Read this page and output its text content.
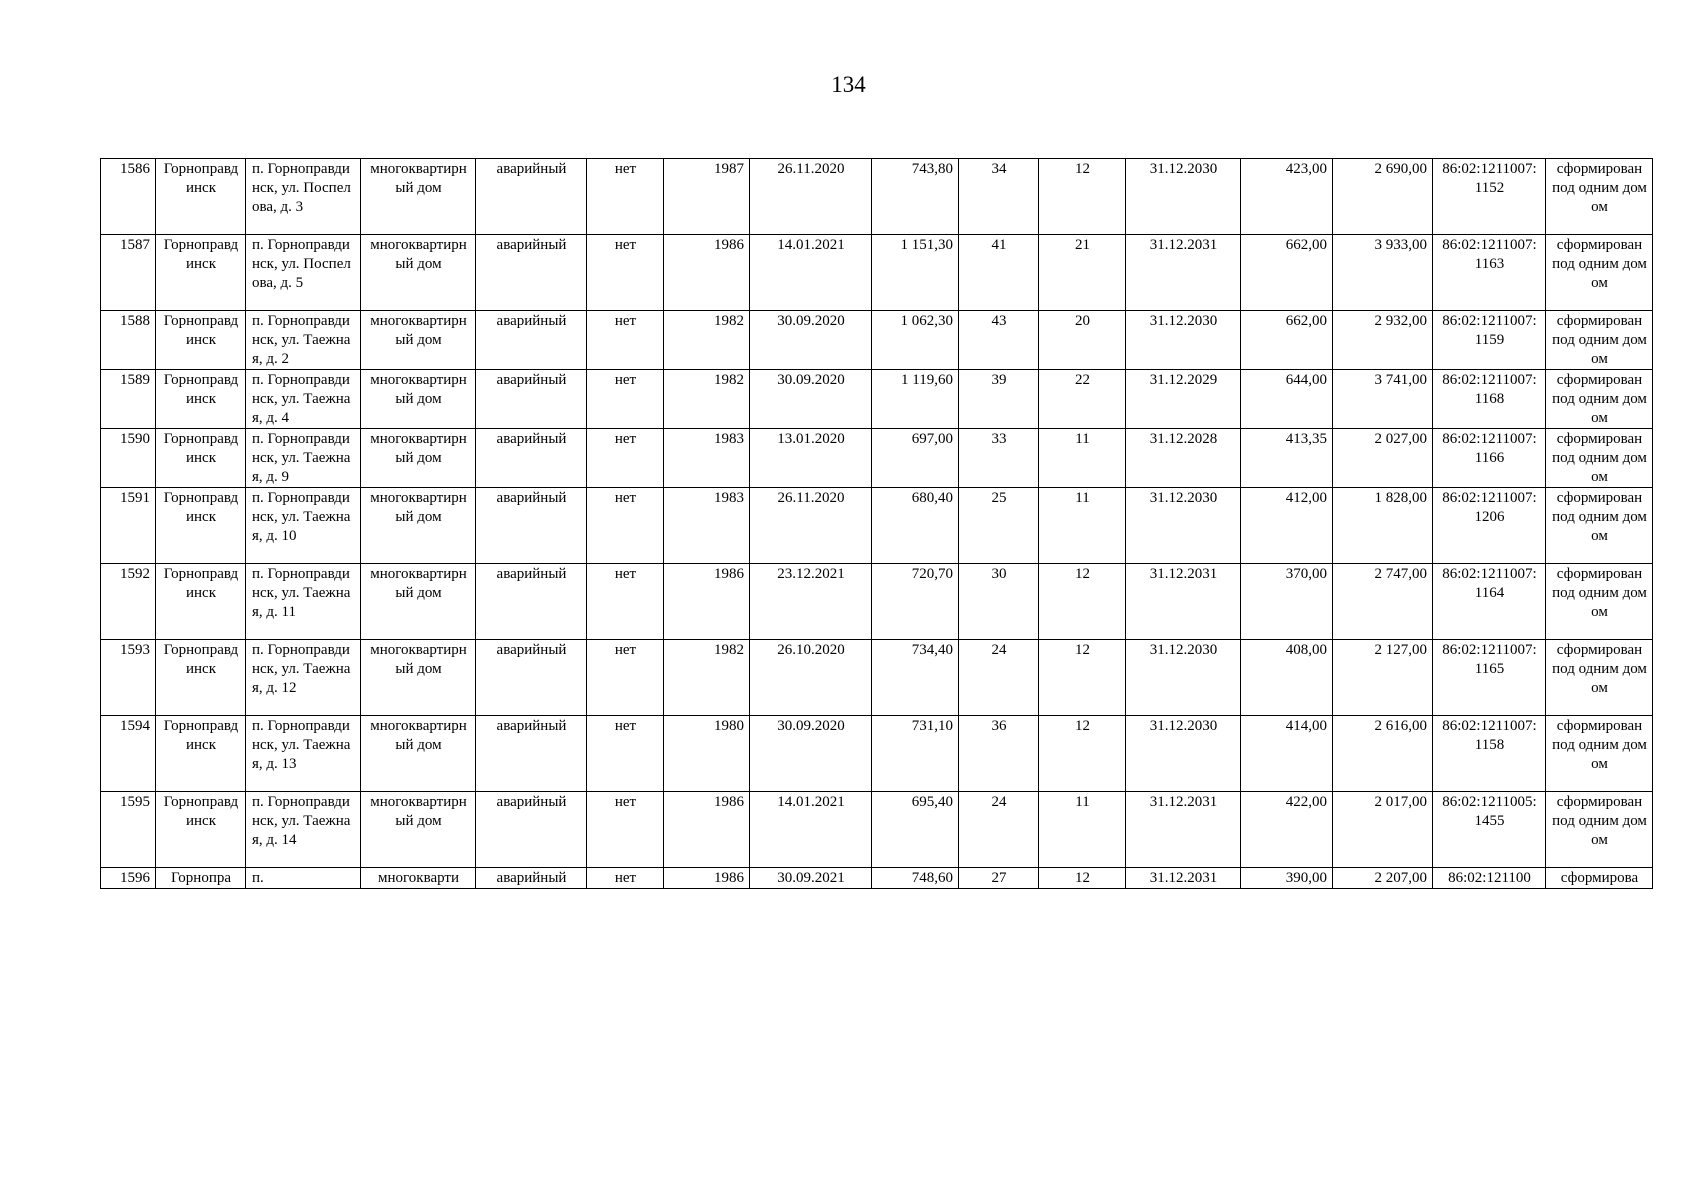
134
1586	Горноправдинск	п. Горноправдинск, ул. Поспелова, д. 3	многоквартирный дом	аварийный	нет	1987	26.11.2020	743,80	34	12	31.12.2030	423,00	2 690,00	86:02:1211007:1152	сформирован под одним домом
1587	Горноправдинск	п. Горноправдинск, ул. Поспелова, д. 5	многоквартирный дом	аварийный	нет	1986	14.01.2021	1 151,30	41	21	31.12.2031	662,00	3 933,00	86:02:1211007:1163	сформирован под одним домом
1588	Горноправдинск	п. Горноправдинск, ул. Таежная, д. 2	многоквартирный дом	аварийный	нет	1982	30.09.2020	1 062,30	43	20	31.12.2030	662,00	2 932,00	86:02:1211007:1159	сформирован под одним домом
1589	Горноправдинск	п. Горноправдинск, ул. Таежная, д. 4	многоквартирный дом	аварийный	нет	1982	30.09.2020	1 119,60	39	22	31.12.2029	644,00	3 741,00	86:02:1211007:1168	сформирован под одним домом
1590	Горноправдинск	п. Горноправдинск, ул. Таежная, д. 9	многоквартирный дом	аварийный	нет	1983	13.01.2020	697,00	33	11	31.12.2028	413,35	2 027,00	86:02:1211007:1166	сформирован под одним домом
1591	Горноправдинск	п. Горноправдинск, ул. Таежная, д. 10	многоквартирный дом	аварийный	нет	1983	26.11.2020	680,40	25	11	31.12.2030	412,00	1 828,00	86:02:1211007:1206	сформирован под одним домом
1592	Горноправдинск	п. Горноправдинск, ул. Таежная, д. 11	многоквартирный дом	аварийный	нет	1986	23.12.2021	720,70	30	12	31.12.2031	370,00	2 747,00	86:02:1211007:1164	сформирован под одним домом
1593	Горноправдинск	п. Горноправдинск, ул. Таежная, д. 12	многоквартирный дом	аварийный	нет	1982	26.10.2020	734,40	24	12	31.12.2030	408,00	2 127,00	86:02:1211007:1165	сформирован под одним домом
1594	Горноправдинск	п. Горноправдинск, ул. Таежная, д. 13	многоквартирный дом	аварийный	нет	1980	30.09.2020	731,10	36	12	31.12.2030	414,00	2 616,00	86:02:1211007:1158	сформирован под одним домом
1595	Горноправдинск	п. Горноправдинск, ул. Таежная, д. 14	многоквартирный дом	аварийный	нет	1986	14.01.2021	695,40	24	11	31.12.2031	422,00	2 017,00	86:02:1211005:1455	сформирован под одним домом
1596	Горнопра	п.	многокварти	аварийный	нет	1986	30.09.2021	748,60	27	12	31.12.2031	390,00	2 207,00	86:02:121100	сформирова
